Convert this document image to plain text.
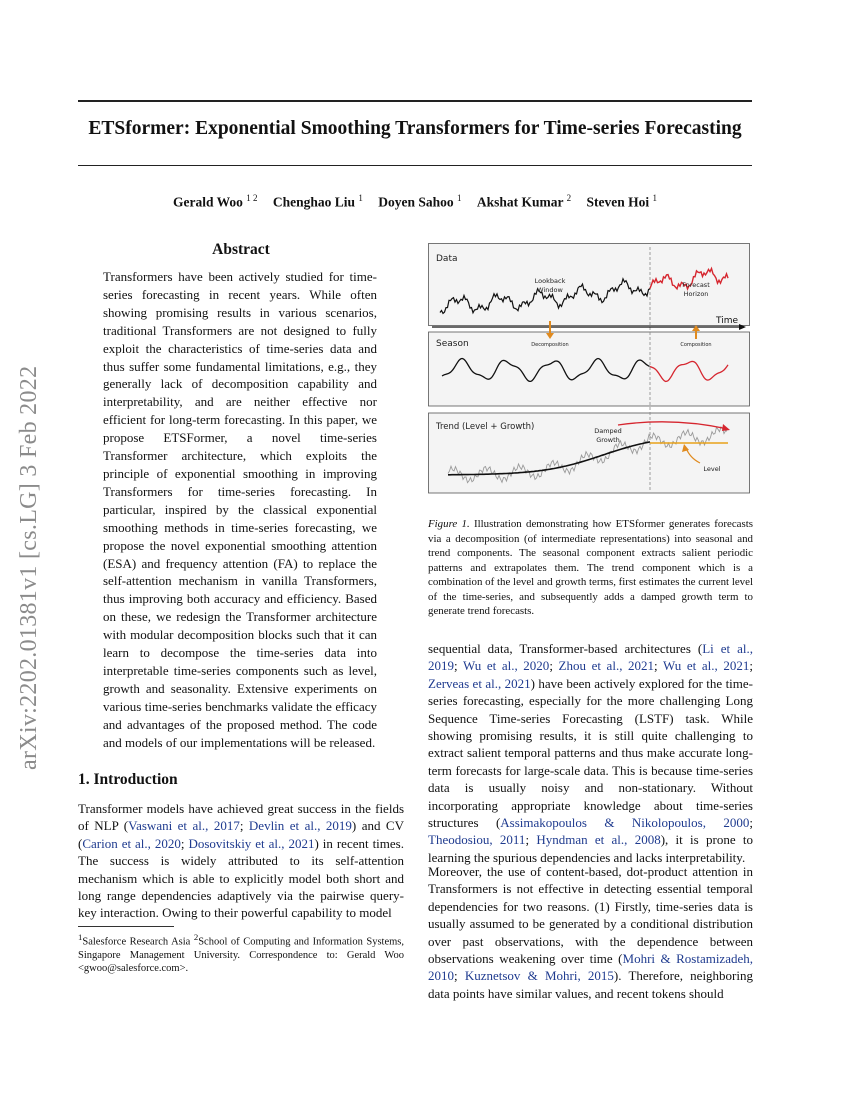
ETSformer: Exponential Smoothing Transformers for Time-series Forecasting
Gerald Woo $^{1 2}$ Chenghao Liu $^1$ Doyen Sahoo $^1$ Akshat Kumar $^2$ Steven Hoi $^1$
arXiv:2202.01381v1 [cs.LG] 3 Feb 2022
Abstract

Transformers have been actively studied for time-series forecasting in recent years. While often showing promising results in various scenarios, traditional Transformers are not designed to fully exploit the characteristics of time-series data and thus suffer some fundamental limitations, e.g., they generally lack of decomposition capability and interpretability, and are neither effective nor efficient for long-term forecasting. In this paper, we propose ETSFormer, a novel time-series Transformer architecture, which exploits the principle of exponential smoothing in improving Transformers for time-series forecasting. In particular, inspired by the classical exponential smoothing methods in time-series forecasting, we propose the novel exponential smoothing attention (ESA) and frequency attention (FA) to replace the self-attention mechanism in vanilla Transformers, thus improving both accuracy and efficiency. Based on these, we redesign the Transformer architecture with modular decomposition blocks such that it can learn to decompose the time-series data into interpretable time-series components such as level, growth and seasonality. Extensive experiments on various time-series benchmarks validate the efficacy and advantages of the proposed method. The code and models of our implementations will be released.

1. Introduction

Transformer models have achieved great success in the fields of NLP (Vaswani et al., 2017; Devlin et al., 2019) and CV (Carion et al., 2020; Dosovitskiy et al., 2021) in recent times. The success is widely attributed to its self-attention mechanism which is able to explicitly model both short and long range dependencies adaptively via the pairwise query-key interaction. Owing to their powerful capability to model

$^1$Salesforce Research Asia $^2$School of Computing and Information Systems, Singapore Management University. Correspondence to: Gerald Woo <gwoo@salesforce.com>.

Data
Lookback
Window
Forecast
Horizon
Time
Season	Decomposition	Composition
Trend (Level + Growth)	Damped
Growth
Level

Figure 1. Illustration demonstrating how ETSformer generates forecasts via a decomposition (of intermediate representations) into seasonal and trend components. The seasonal component extracts salient periodic patterns and extrapolates them. The trend component which is a combination of the level and growth terms, first estimates the current level of the time-series, and subsequently adds a damped growth term to generate trend forecasts.

sequential data, Transformer-based architectures (Li et al., 2019; Wu et al., 2020; Zhou et al., 2021; Wu et al., 2021; Zerveas et al., 2021) have been actively explored for the time-series forecasting, especially for the more challenging Long Sequence Time-series Forecasting (LSTF) task. While showing promising results, it is still quite challenging to extract salient temporal patterns and thus make accurate long-term forecasts for large-scale data. This is because time-series data is usually noisy and non-stationary. Without incorporating appropriate knowledge about time-series structures (Assimakopoulos & Nikolopoulos, 2000; Theodosiou, 2011; Hyndman et al., 2008), it is prone to learning the spurious dependencies and lacks interpretability.

Moreover, the use of content-based, dot-product attention in Transformers is not effective in detecting essential temporal dependencies for two reasons. (1) Firstly, time-series data is usually assumed to be generated by a conditional distribution over past observations, with the dependence between observations weakening over time (Mohri & Rostamizadeh, 2010; Kuznetsov & Mohri, 2015). Therefore, neighboring data points have similar values, and recent tokens should
